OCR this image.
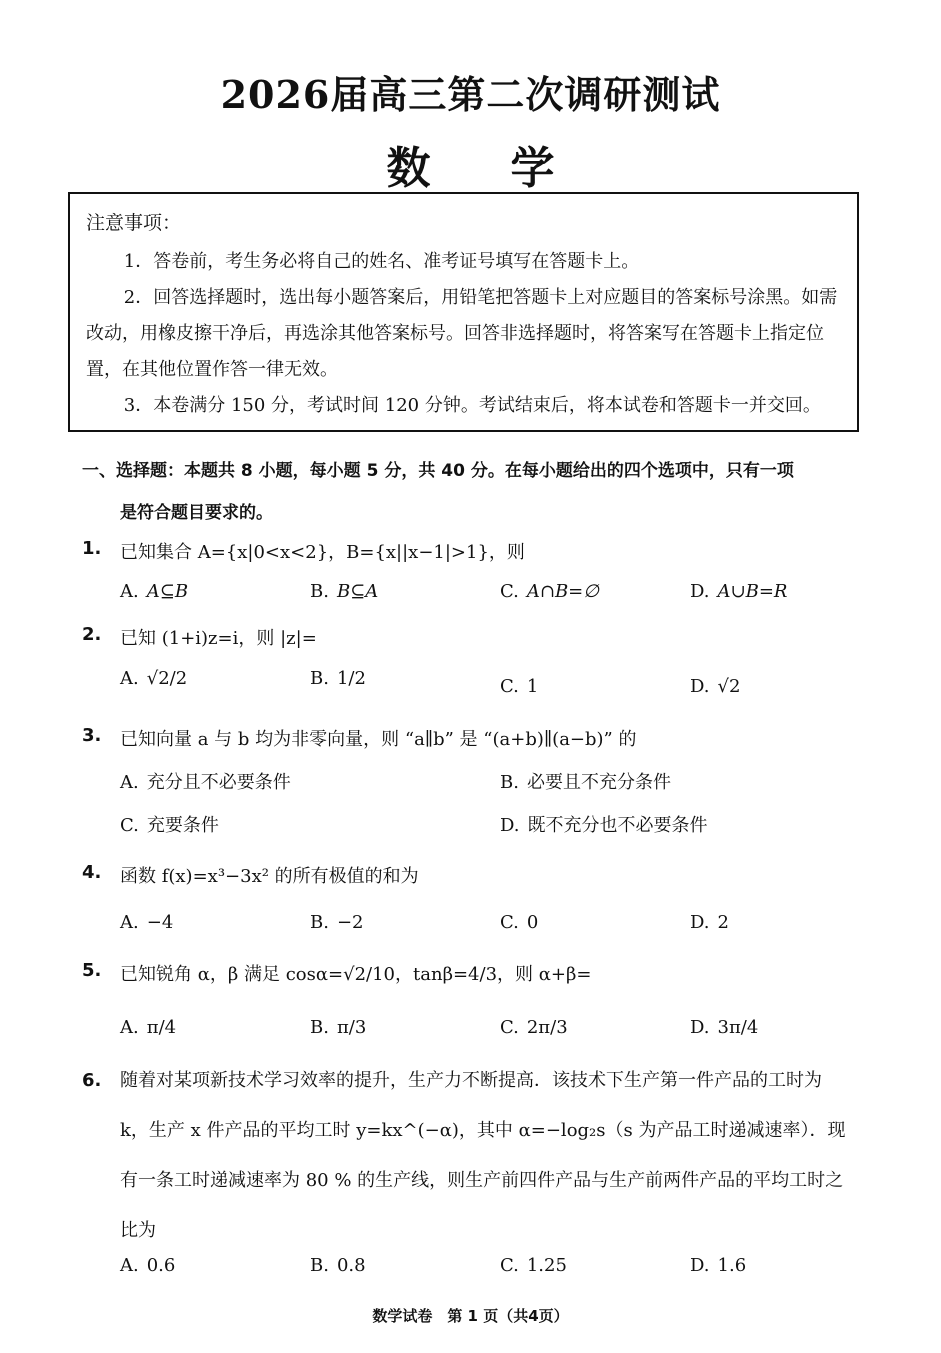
2026届高三第二次调研测试
数 学
注意事项：

1．答卷前，考生务必将自己的姓名、准考证号填写在答题卡上。

2．回答选择题时，选出每小题答案后，用铅笔把答题卡上对应题目的答案标号涂黑。如需改动，用橡皮擦干净后，再选涂其他答案标号。回答非选择题时，将答案写在答题卡上指定位置，在其他位置作答一律无效。

3．本卷满分 150 分，考试时间 120 分钟。考试结束后，将本试卷和答题卡一并交回。

一、选择题：本题共 8 小题，每小题 5 分，共 40 分。在每小题给出的四个选项中，只有一项
是符合题目要求的。
1. 已知集合 A={x|0<x<2}，B={x||x−1|>1}，则
A. A⊆B	B. B⊆A	C. A∩B=∅	D. A∪B=R
2. 已知 (1+i)z=i，则 |z|=
A. √2/2	B. 1/2	C. 1	D. √2
3. 已知向量 a 与 b 均为非零向量，则 “a∥b” 是 “(a+b)∥(a−b)” 的
A. 充分且不必要条件	B. 必要且不充分条件
C. 充要条件	D. 既不充分也不必要条件
4. 函数 f(x)=x³−3x² 的所有极值的和为
A. −4	B. −2	C. 0	D. 2
5. 已知锐角 α，β 满足 cosα=√2/10，tanβ=4/3，则 α+β=
A. π/4	B. π/3	C. 2π/3	D. 3π/4
6. 随着对某项新技术学习效率的提升，生产力不断提高．该技术下生产第一件产品的工时为 k，生产 x 件产品的平均工时 y=kx^(−α)，其中 α=−log₂s（s 为产品工时递减速率）．现有一条工时递减速率为 80 % 的生产线，则生产前四件产品与生产前两件产品的平均工时之比为
A. 0.6	B. 0.8	C. 1.25	D. 1.6
数学试卷　第 1 页（共4页）
